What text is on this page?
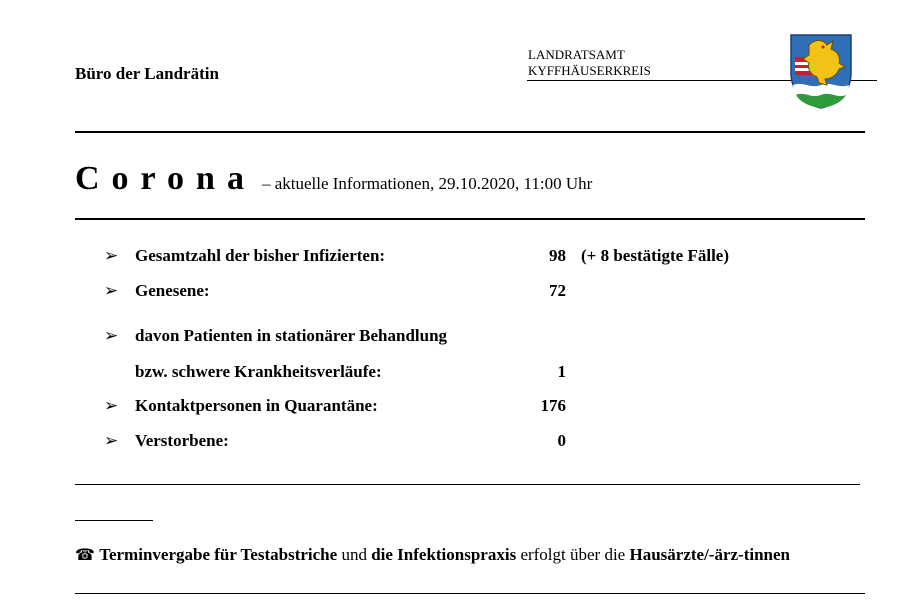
Büro der Landrätin
LANDRATSAMT
KYFFHÄUSERKREIS
Corona – aktuelle Informationen, 29.10.2020, 11:00 Uhr
➢ Gesamtzahl der bisher Infizierten:	98 (+ 8 bestätigte Fälle)
➢ Genesene:	72
➢ davon Patienten in stationärer Behandlung
bzw. schwere Krankheitsverläufe:	1
➢ Kontaktpersonen in Quarantäne:	176
➢ Verstorbene:	0
☎ Terminvergabe für Testabstriche und die Infektionspraxis erfolgt über die Hausärzte/-ärz-tinnen
